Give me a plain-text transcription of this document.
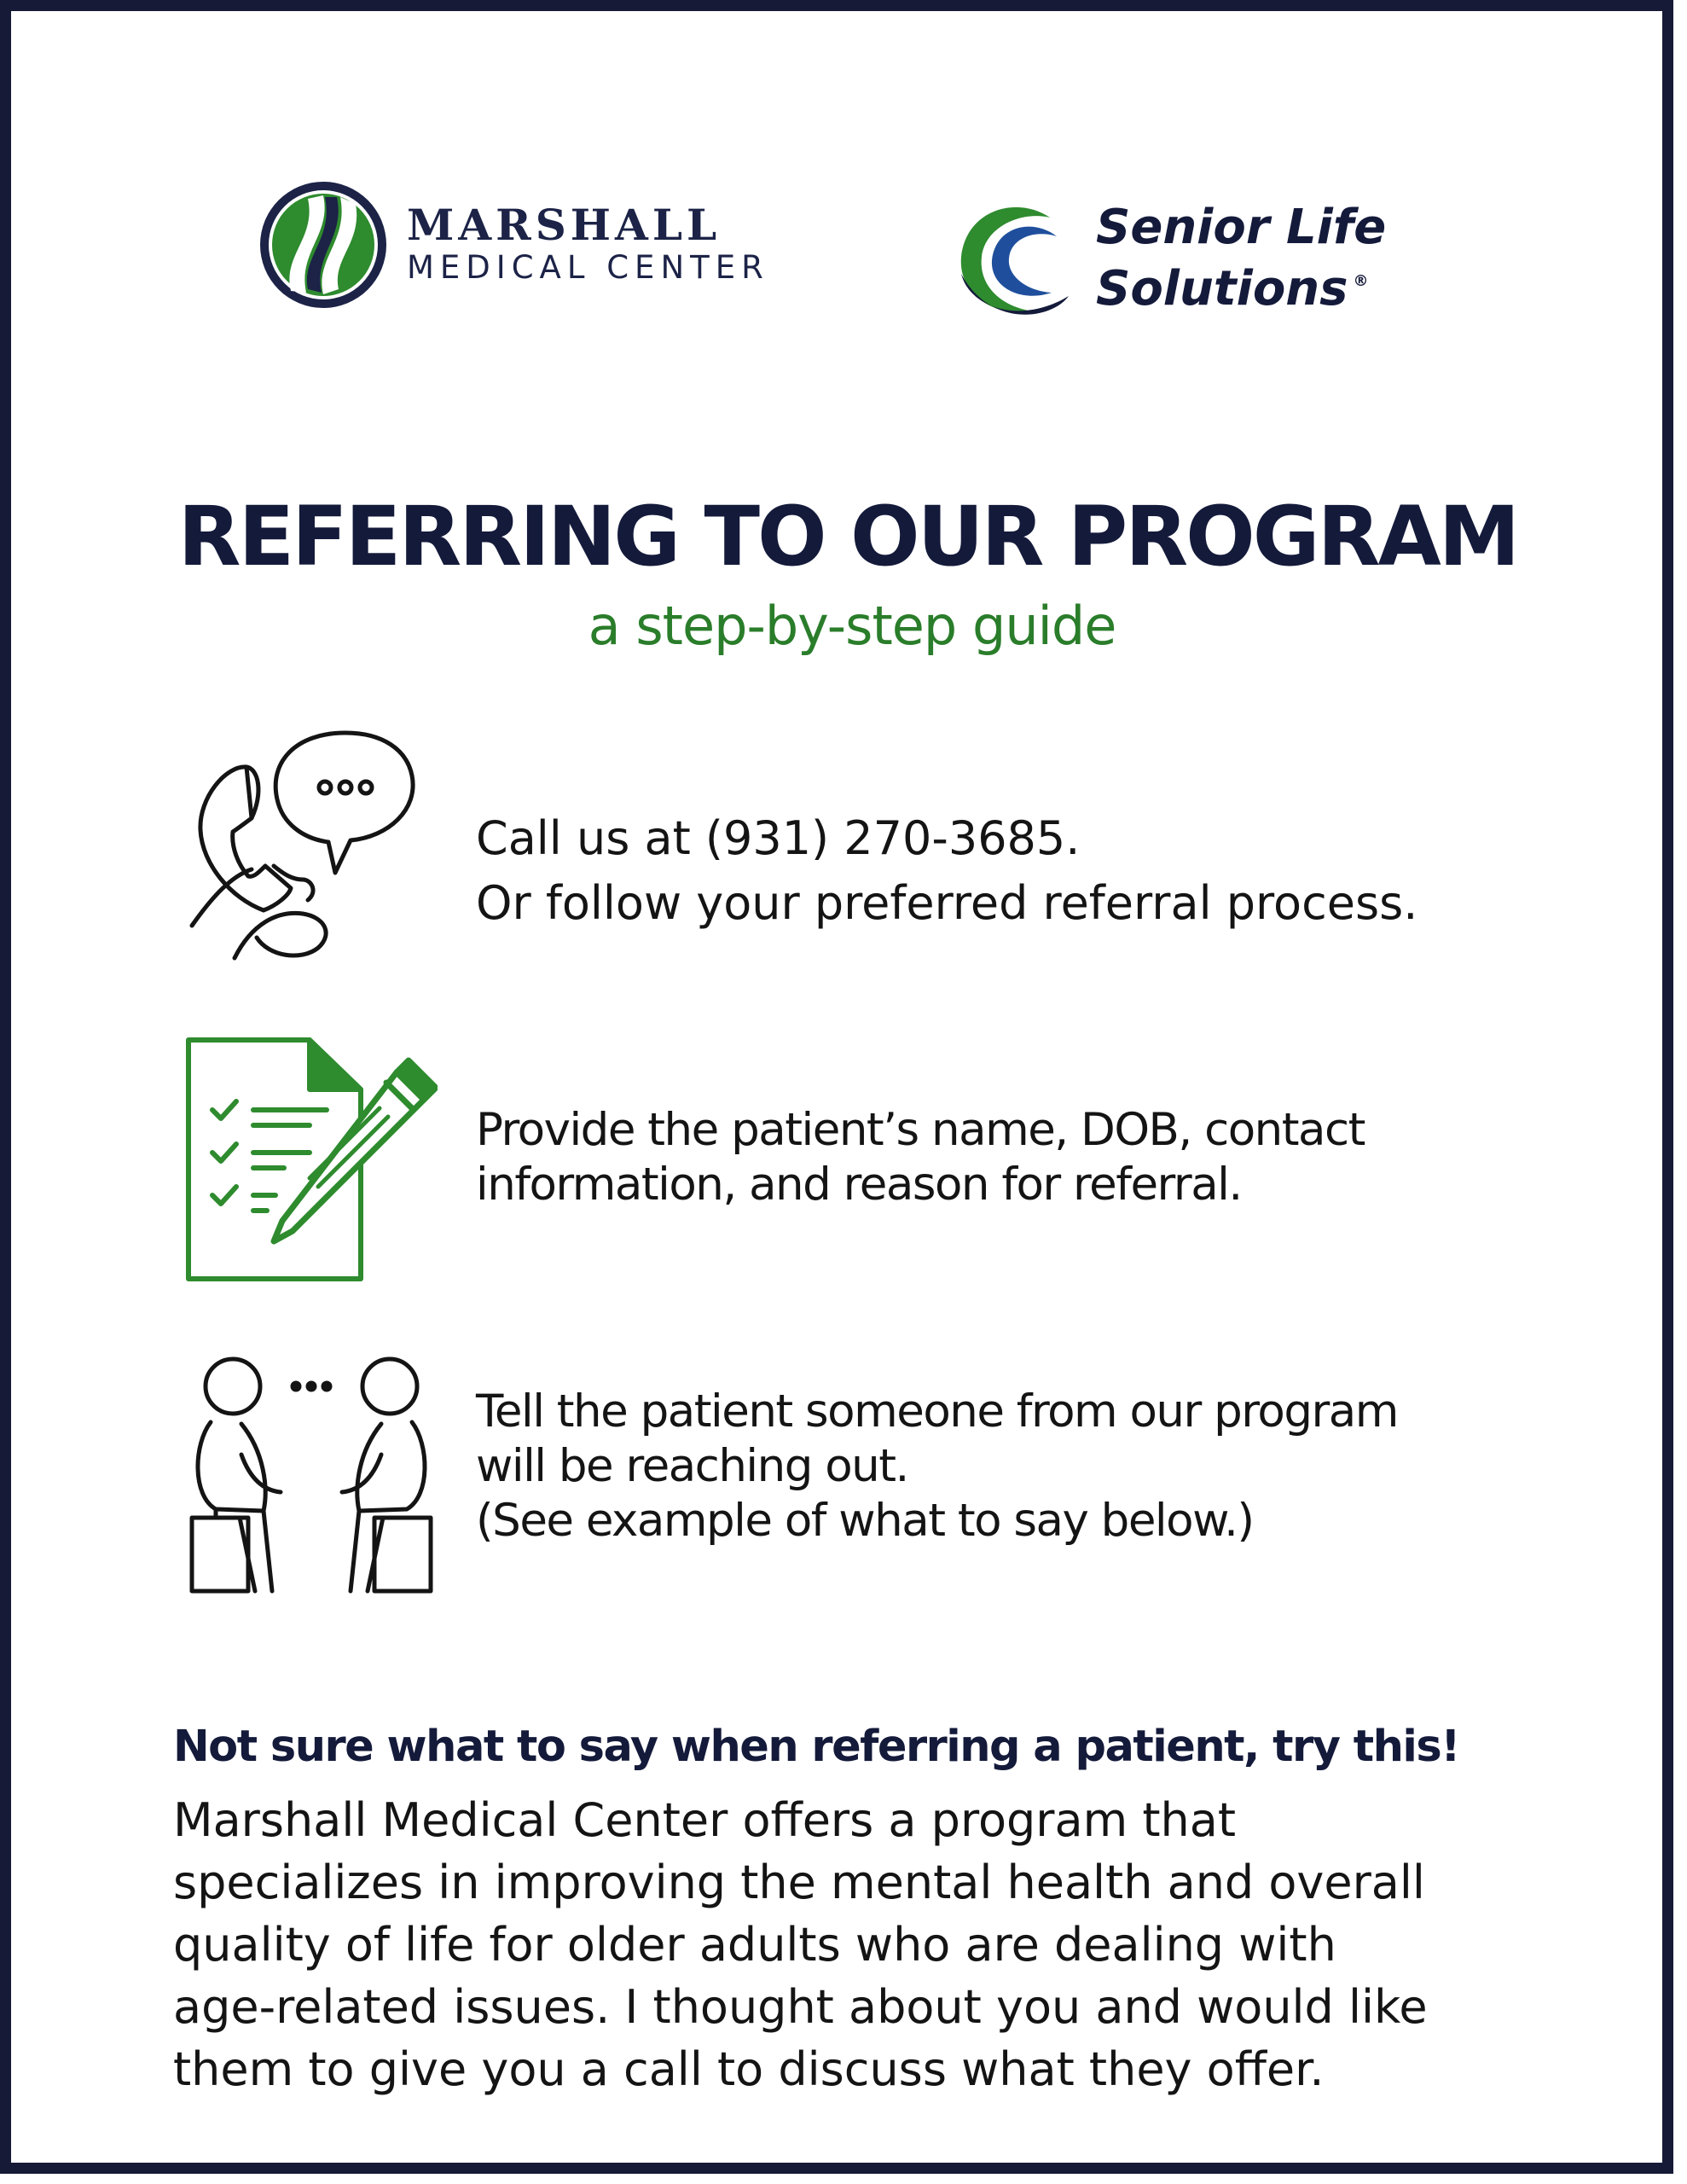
MARSHALL
MEDICAL CENTER
Senior Life
Solutions ®
REFERRING TO OUR PROGRAM
a step-by-step guide
Call us at (931) 270-3685.
Or follow your preferred referral process.
Provide the patient’s name, DOB, contact
information, and reason for referral.
Tell the patient someone from our program
will be reaching out.
(See example of what to say below.)
Not sure what to say when referring a patient, try this!
Marshall Medical Center offers a program that
specializes in improving the mental health and overall
quality of life for older adults who are dealing with
age-related issues. I thought about you and would like
them to give you a call to discuss what they offer.
